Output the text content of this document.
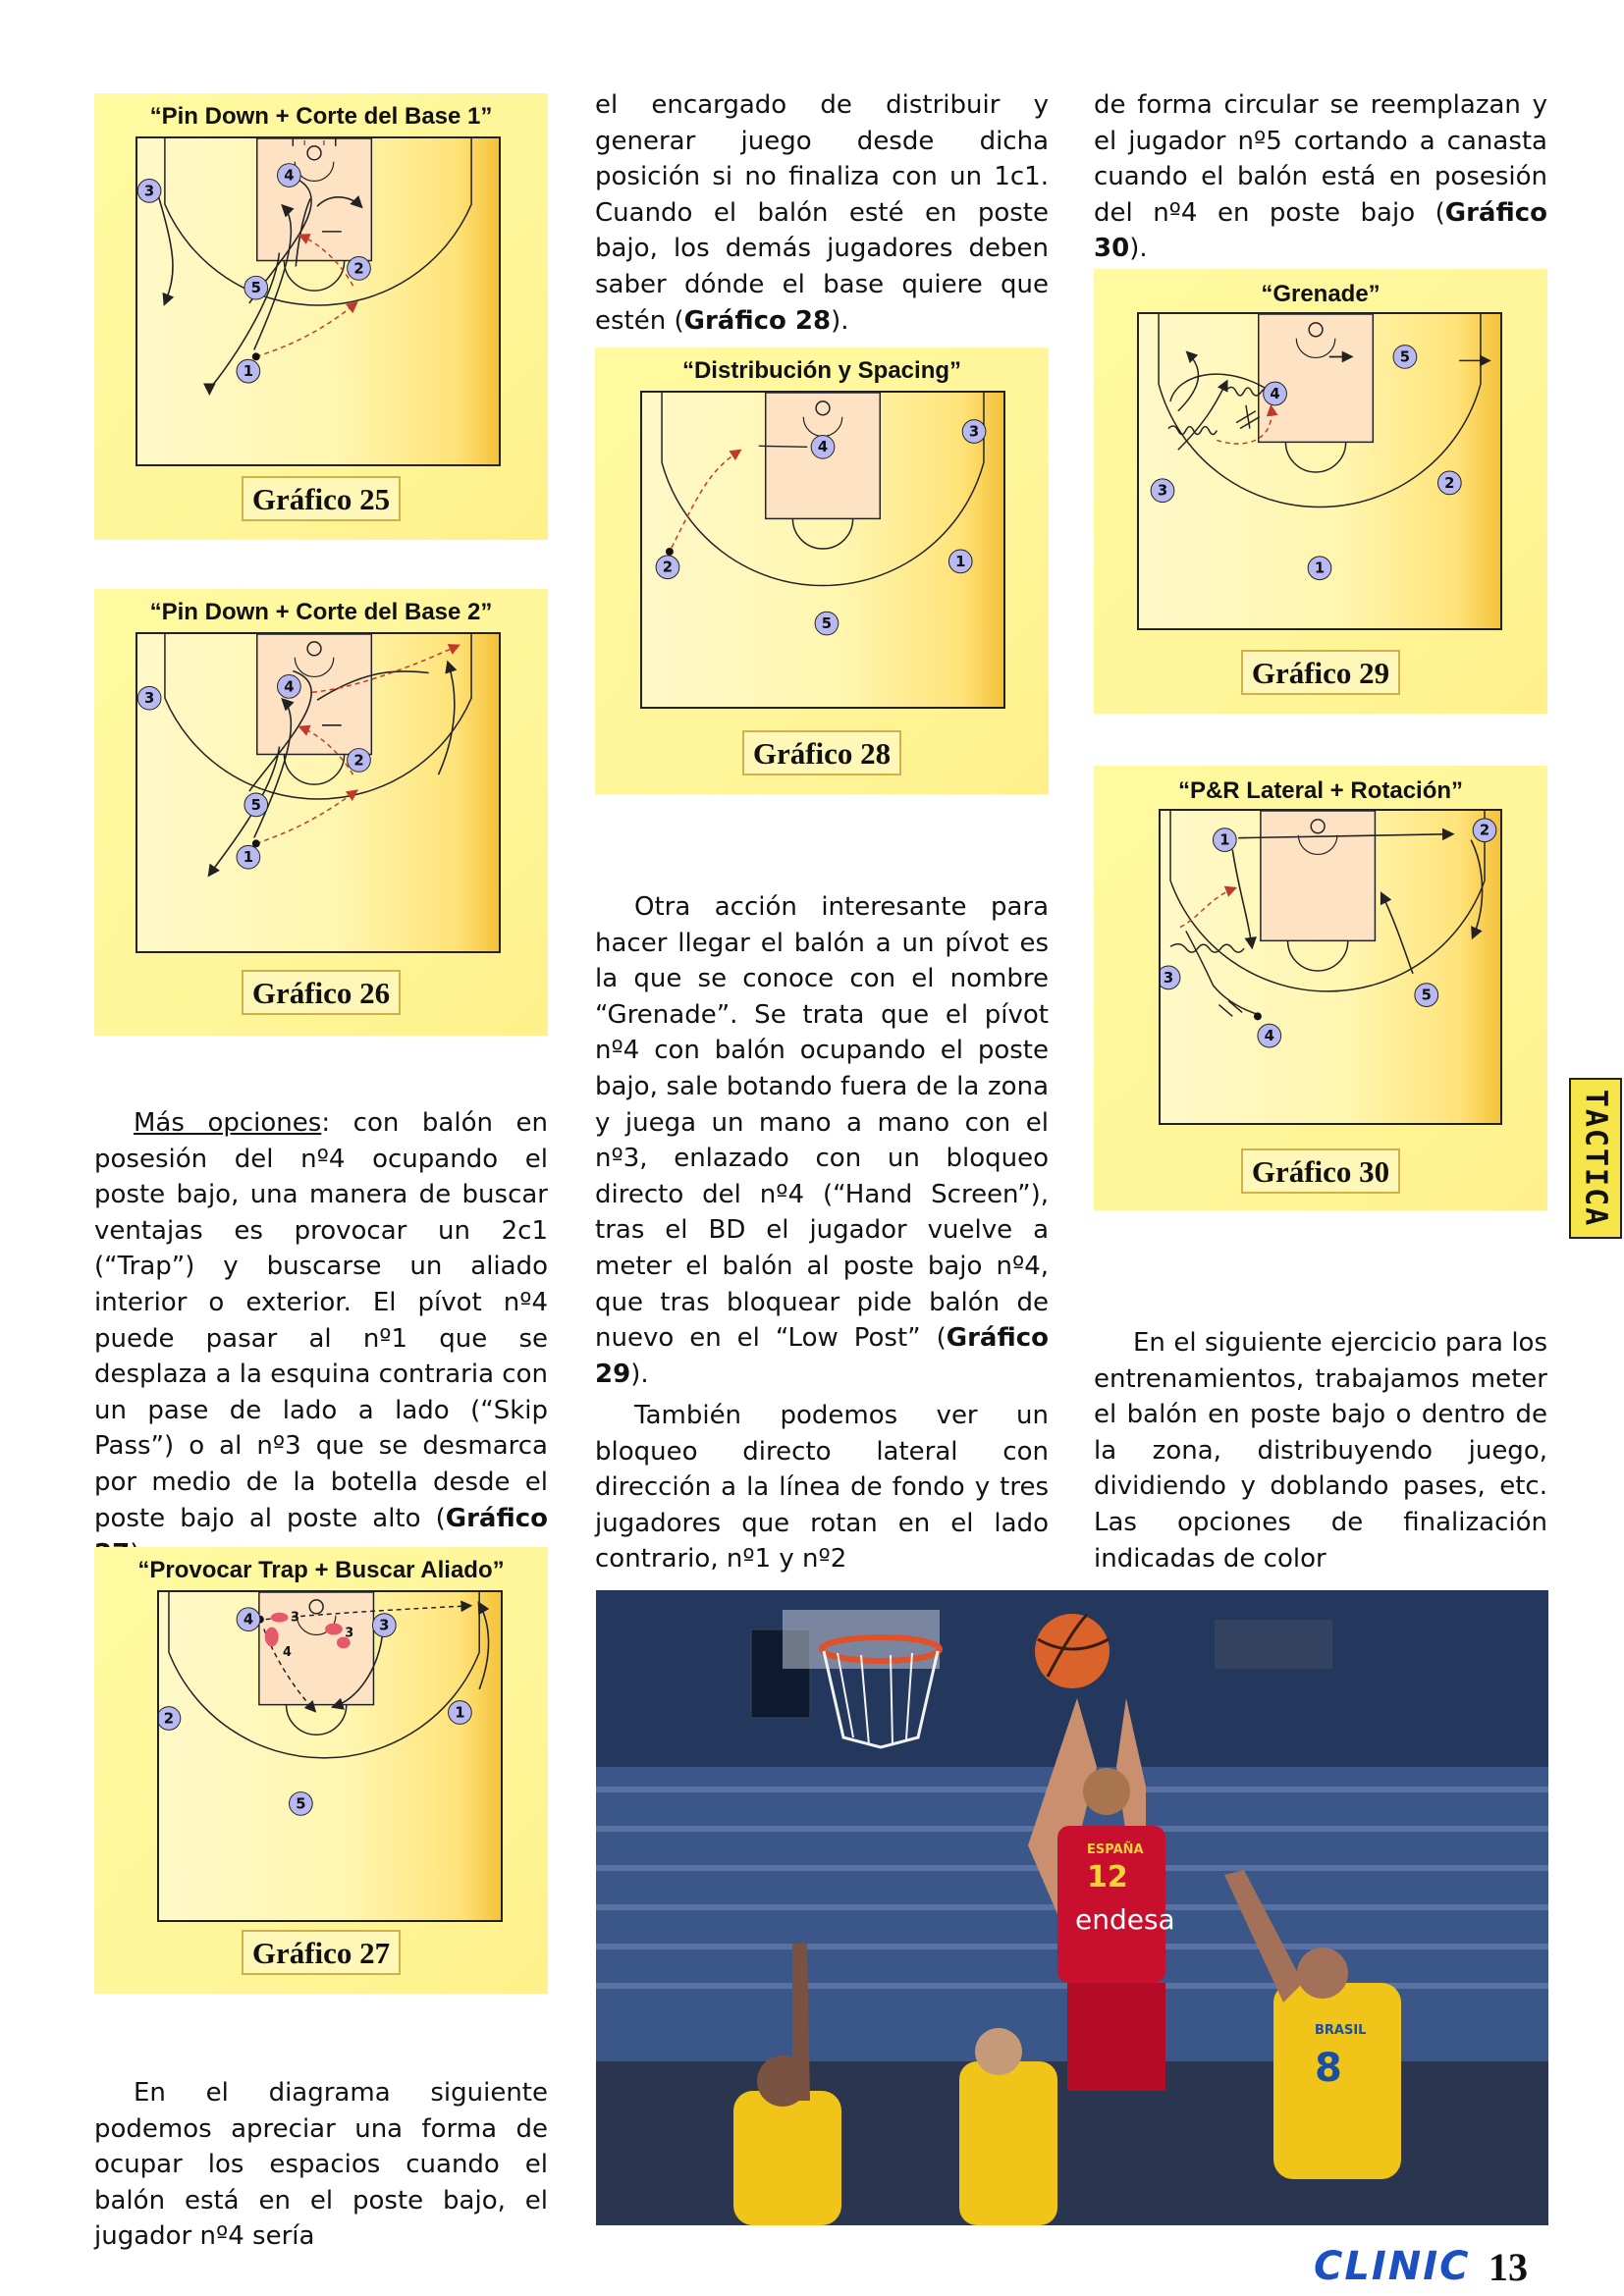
“Pin Down + Corte del Base 1”
1
2
3
4
5
Gráfico 25
“Pin Down + Corte del Base 2”
1
2
3
4
5
Gráfico 26

Más opciones: con balón en posesión del nº4 ocupando el poste bajo, una manera de buscar ventajas es provocar un 2c1 (“Trap”) y buscarse un aliado interior o exterior. El pívot nº4 puede pasar al nº1 que se desplaza a la esquina contraria con un pase de lado a lado (“Skip Pass”) o al nº3 que se desmarca por medio de la botella desde el poste bajo al poste alto (Gráfico

“Provocar Trap + Buscar Aliado”
3
4
3
1
2
3
4
5
Gráfico 27

En el diagrama siguiente podemos apreciar una forma de ocupar los espacios cuando el balón está en el poste bajo, el jugador nº4 sería

el encargado de distribuir y generar juego desde dicha posición si no finaliza con un 1c1. Cuando el balón esté en poste bajo, los demás jugadores deben saber dónde el base quiere que estén (Gráfico 28).

“Distribución y Spacing”
1
2
3
4
5
Gráfico 28

Otra acción interesante para hacer llegar el balón a un pívot es la que se conoce con el nombre “Grenade”. Se trata que el pívot nº4 con balón ocupando el poste bajo, sale botando fuera de la zona y juega un mano a mano con el nº3, enlazado con un bloqueo directo del nº4 (“Hand Screen”), tras el BD el jugador vuelve a meter el balón al poste bajo nº4, que tras bloquear pide balón de nuevo en el “Low Post” (Gráfico 29).

También podemos ver un bloqueo directo lateral con dirección a la línea de fondo y tres jugadores que rotan en el lado contrario, nº1 y nº2

de forma circular se reemplazan y el jugador nº5 cortando a canasta cuando el balón está en posesión del nº4 en poste bajo (Gráfico 30).

“Grenade”
1
2
3
4
5
Gráfico 29
“P&R Lateral + Rotación”
1
2
3
4
5
Gráfico 30

En el siguiente ejercicio para los entrenamientos, trabajamos meter el balón en poste bajo o dentro de la zona, distribuyendo juego, dividiendo y doblando pases, etc. Las opciones de finalización indicadas de color

ESPAÑA
12
endesa
BRASIL
8
TACTICA
CLINIC 13
